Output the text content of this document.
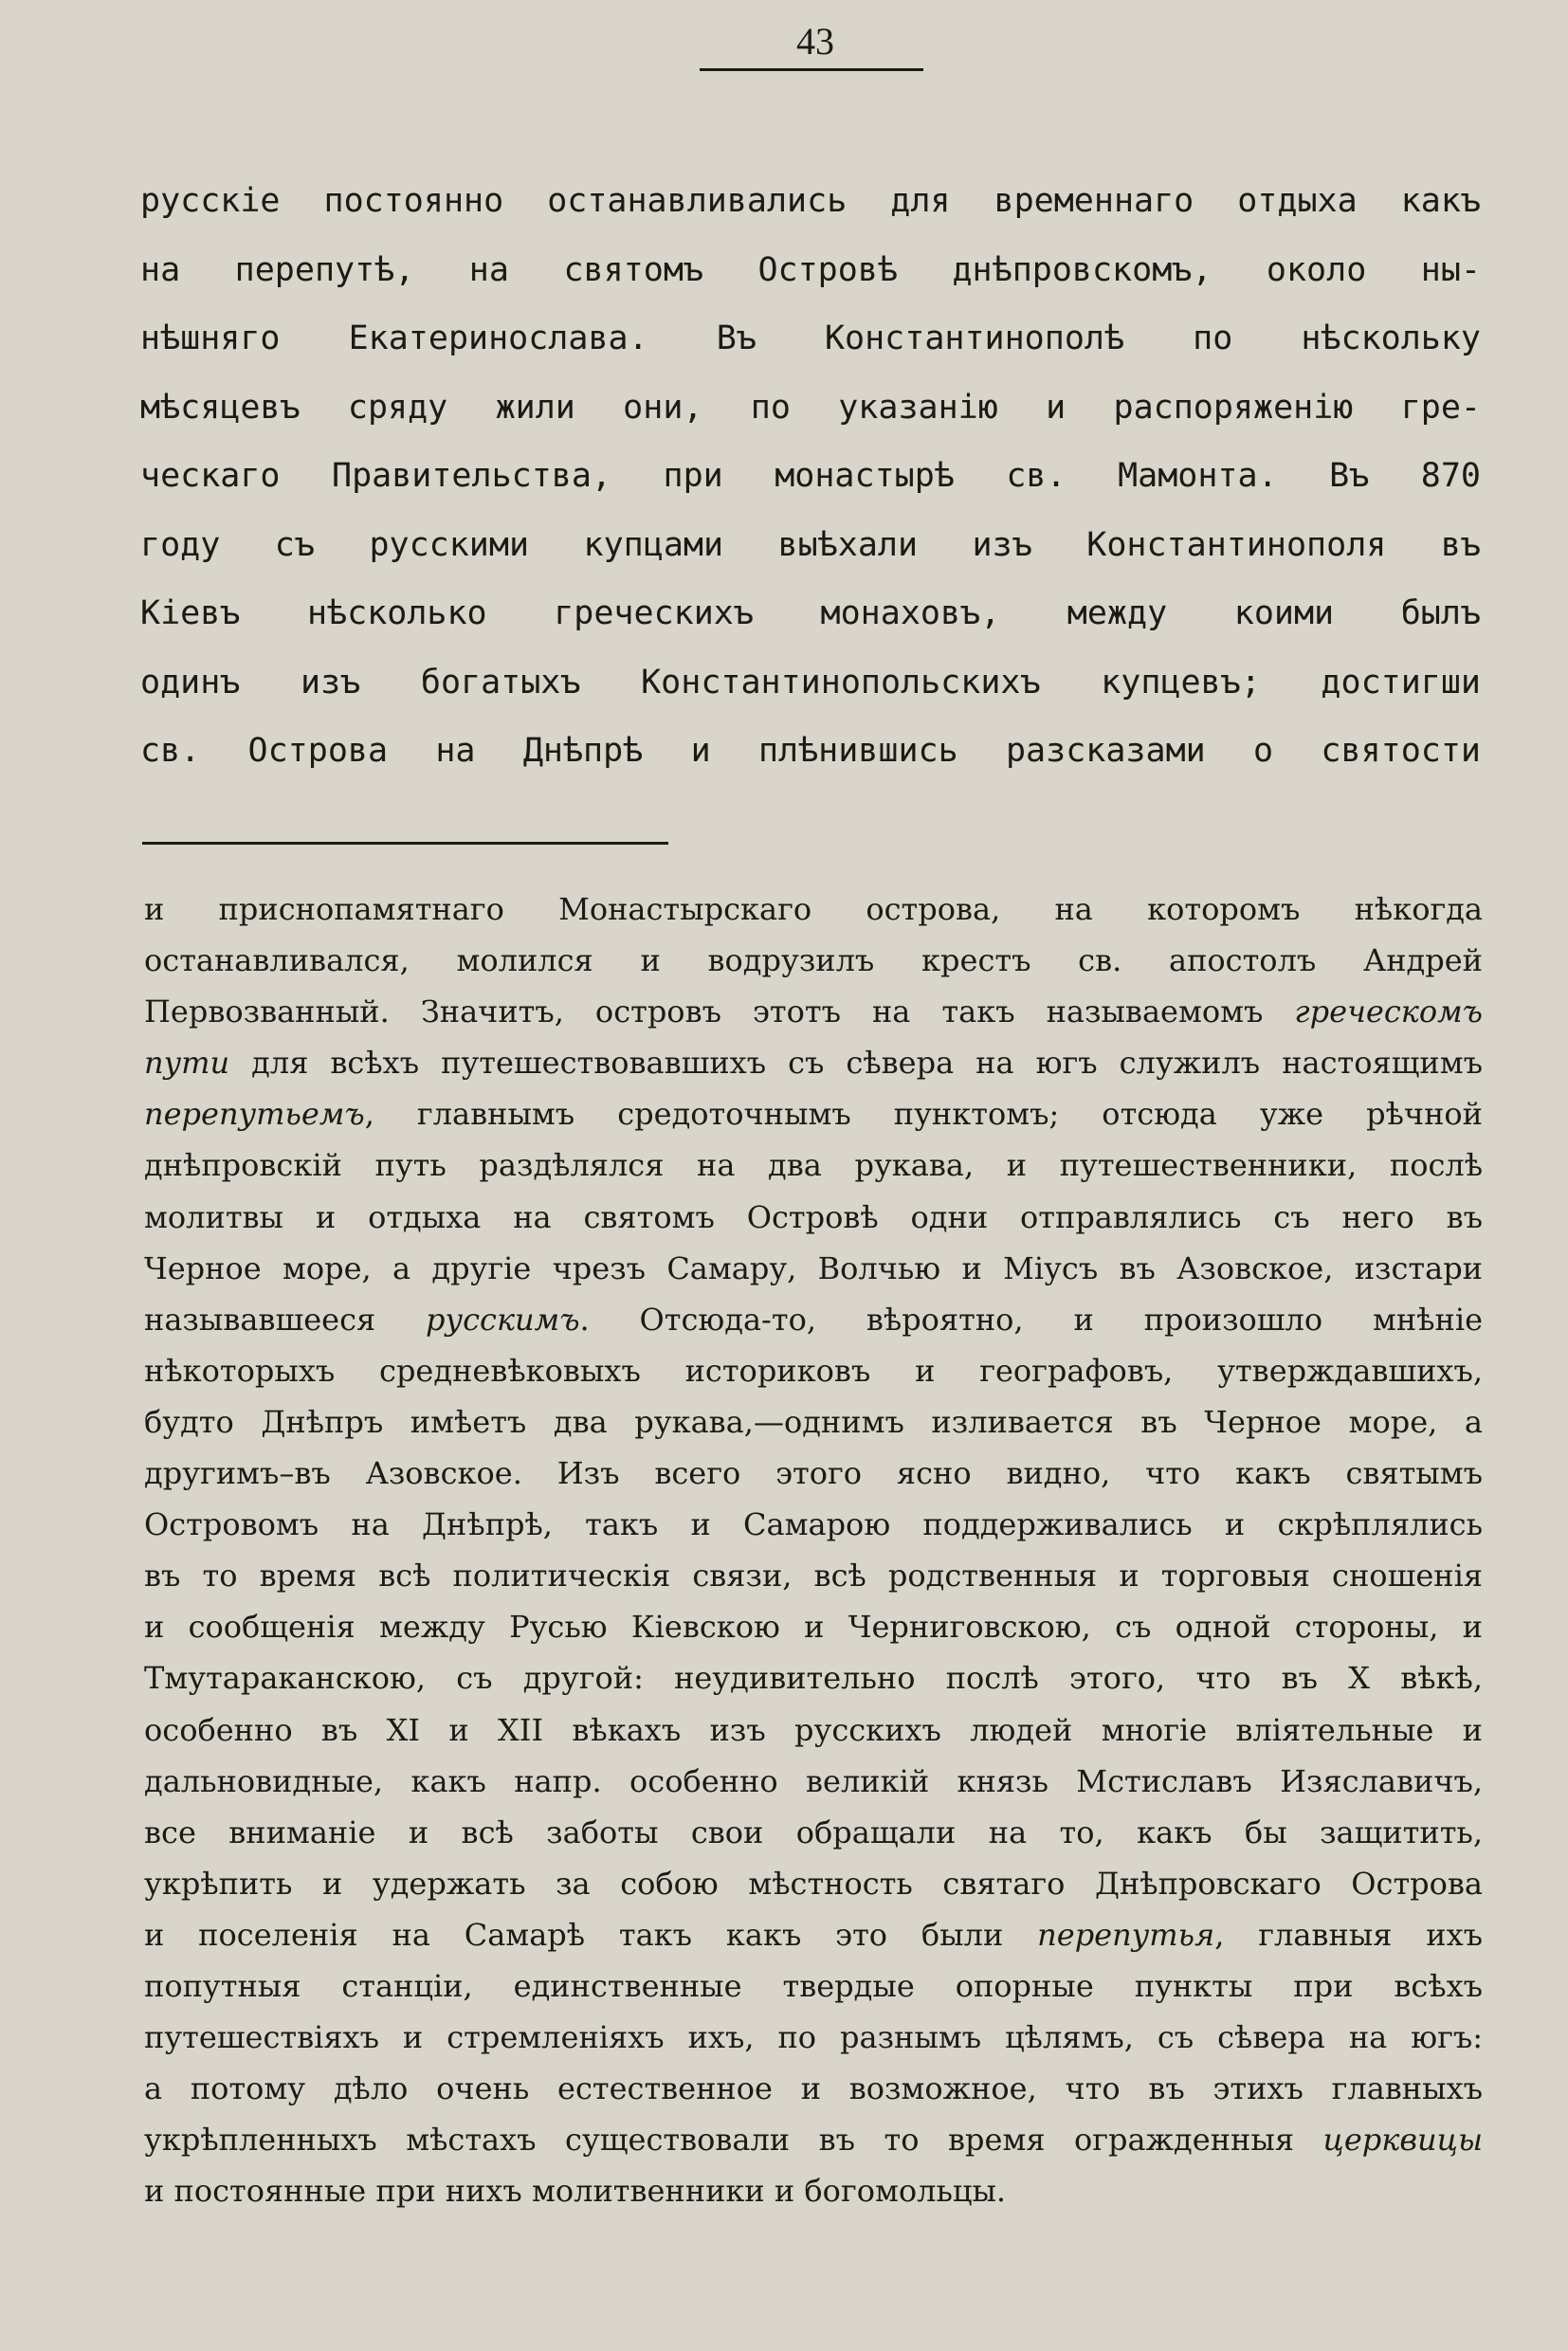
43
русскiе постоянно останавливались для временнаго отдыха какъ
на перепутѣ, на святомъ Островѣ днѣпровскомъ, около ны-
нѣшняго Екатеринослава. Въ Константинополѣ по нѣскольку
мѣсяцевъ сряду жили они, по указанiю и распоряженiю гре-
ческаго Правительства, при монастырѣ св. Мамонта. Въ 870
году съ русскими купцами выѣхали изъ Константинополя въ
Кiевъ нѣсколько греческихъ монаховъ, между коими былъ
одинъ изъ богатыхъ Константинопольскихъ купцевъ; достигши
св. Острова на Днѣпрѣ и плѣнившись разсказами о святости
и приснопамятнаго Монастырскаго острова, на которомъ нѣкогда
останавливался, молился и водрузилъ крестъ св. апостолъ Андрей
Первозванный. Значитъ, островъ этотъ на такъ называемомъ греческомъ
пути для всѣхъ путешествовавшихъ съ сѣвера на югъ служилъ настоящимъ
перепутьемъ, главнымъ средоточнымъ пунктомъ; отсюда уже рѣчной
днѣпровскiй путь раздѣлялся на два рукава, и путешественники, послѣ
молитвы и отдыха на святомъ Островѣ одни отправлялись съ него въ
Черное море, а другiе чрезъ Самару, Волчью и Мiусъ въ Азовское, изстари
называвшееся русскимъ. Отсюда-то, вѣроятно, и произошло мнѣнiе
нѣкоторыхъ средневѣковыхъ историковъ и географовъ, утверждавшихъ,
будто Днѣпръ имѣетъ два рукава,—однимъ изливается въ Черное море, а
другимъ–въ Азовское. Изъ всего этого ясно видно, что какъ святымъ
Островомъ на Днѣпрѣ, такъ и Самарою поддерживались и скрѣплялись
въ то время всѣ политическiя связи, всѣ родственныя и торговыя сношенiя
и сообщенiя между Русью Кiевскою и Черниговскою, съ одной стороны, и
Тмутараканскою, съ другой: неудивительно послѣ этого, что въ X вѣкѣ,
особенно въ XI и XII вѣкахъ изъ русскихъ людей многiе влiятельные и
дальновидные, какъ напр. особенно великiй князь Мстиславъ Изяславичъ,
все вниманiе и всѣ заботы свои обращали на то, какъ бы защитить,
укрѣпить и удержать за собою мѣстность святаго Днѣпровскаго Острова
и поселенiя на Самарѣ такъ какъ это были перепутья, главныя ихъ
попутныя станцiи, единственные твердые опорные пункты при всѣхъ
путешествiяхъ и стремленiяхъ ихъ, по разнымъ цѣлямъ, съ сѣвера на югъ:
а потому дѣло очень естественное и возможное, что въ этихъ главныхъ
укрѣпленныхъ мѣстахъ существовали въ то время огражденныя церквицы
и постоянные при нихъ молитвенники и богомольцы.
